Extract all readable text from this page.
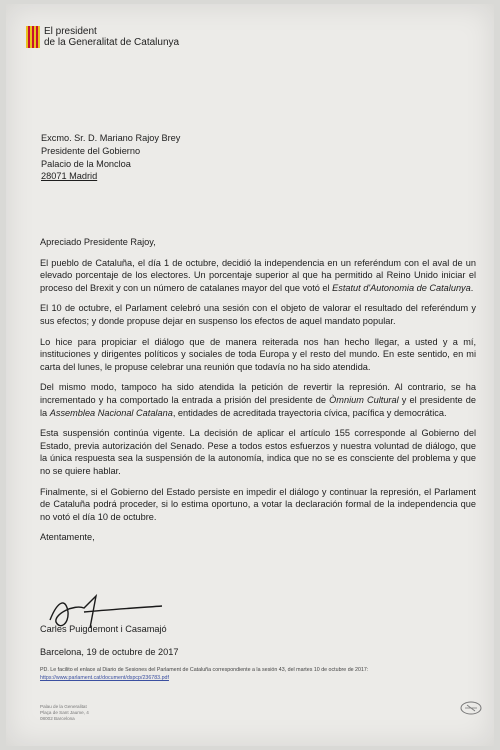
El president
de la Generalitat de Catalunya
Excmo. Sr. D. Mariano Rajoy Brey
Presidente del Gobierno
Palacio de la Moncloa
28071 Madrid

Apreciado Presidente Rajoy,

El pueblo de Cataluña, el día 1 de octubre, decidió la independencia en un referéndum con el aval de un elevado porcentaje de los electores. Un porcentaje superior al que ha permitido al Reino Unido iniciar el proceso del Brexit y con un número de catalanes mayor del que votó el Estatut d'Autonomia de Catalunya.

El 10 de octubre, el Parlament celebró una sesión con el objeto de valorar el resultado del referéndum y sus efectos; y donde propuse dejar en suspenso los efectos de aquel mandato popular.

Lo hice para propiciar el diálogo que de manera reiterada nos han hecho llegar, a usted y a mí, instituciones y dirigentes políticos y sociales de toda Europa y el resto del mundo. En este sentido, en mi carta del lunes, le propuse celebrar una reunión que todavía no ha sido atendida.

Del mismo modo, tampoco ha sido atendida la petición de revertir la represión. Al contrario, se ha incrementado y ha comportado la entrada a prisión del presidente de Òmnium Cultural y el presidente de la Assemblea Nacional Catalana, entidades de acreditada trayectoria cívica, pacífica y democrática.

Esta suspensión continúa vigente. La decisión de aplicar el artículo 155 corresponde al Gobierno del Estado, previa autorización del Senado. Pese a todos estos esfuerzos y nuestra voluntad de diálogo, que la única respuesta sea la suspensión de la autonomía, indica que no se es consciente del problema y que no se quiere hablar.

Finalmente, si el Gobierno del Estado persiste en impedir el diálogo y continuar la represión, el Parlament de Cataluña podrá proceder, si lo estima oportuno, a votar la declaración formal de la independencia que no votó el día 10 de octubre.

Atentamente,

Carles Puigdemont i Casamajó
Barcelona, 19 de octubre de 2017
PD. Le facilito el enlace al Diario de Sesiones del Parlament de Cataluña correspondiente a la sesión 43, del martes 10 de octubre de 2017: https://www.parlament.cat/document/dspcp/236783.pdf
Palau de la Generalitat
Plaça de Sant Jaume, 4
08002 Barcelona
